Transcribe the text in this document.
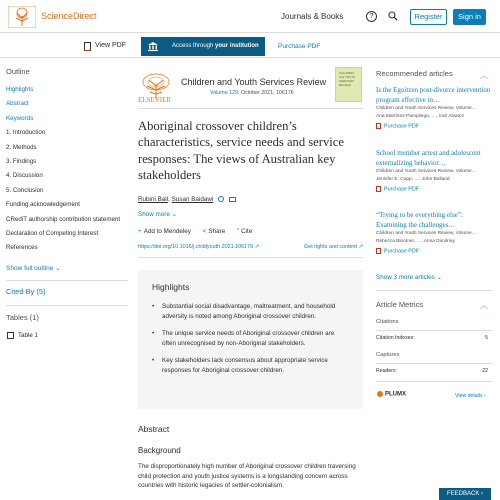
ScienceDirect	Journals & Books	?	Register	Sign in
View PDF	Access through your institution	Purchase PDF
Outline
Highlights
Abstract
Keywords
1. Introduction
2. Methods
3. Findings
4. Discussion
5. Conclusion
Funding acknowledgement
CRediT authorship contribution statement
Declaration of Competing Interest
References
Show full outline ⌄
Cited By (5)
Tables (1)
Table 1
ELSEVIER
Children and Youth Services Review
Volume 129, October 2021, 106176
CHILDREN and YOUTH SERVICES REVIEW
Aboriginal crossover children’s characteristics, service needs and service responses: The views of Australian key stakeholders
Rubini Ball, Susan Baidawi
Show more ⌄
+ Add to Mendeley < Share ” Cite
https://doi.org/10.1016/j.childyouth.2021.106176 ↗	Get rights and content ↗
Highlights
• Substantial social disadvantage, maltreatment, and household adversity is noted among Aboriginal crossover children.
• The unique service needs of Aboriginal crossover children are often unrecognised by non-Aboriginal stakeholders.
• Key stakeholders lack consensus about appropriate service responses for Aboriginal crossover children.
Abstract
Background

The disproportionately high number of Aboriginal crossover children traversing child protection and youth justice systems is a longstanding concern across countries with historic legacies of settler-colonialism.

Recommended articles	︿
Is the Egoitzen post-divorce intervention program effective in…
Children and Youth Services Review, Volume…
Ana Martínez-Pampliega, …, Iratí Alvarez
Purchase PDF
School member arrest and adolescent externalizing behavior…
Children and Youth Services Review, Volume…
Jennifer E. Copp, …, John Bolland
Purchase PDF
“Trying to be everything else”: Examining the challenges…
Children and Youth Services Review, Volume…
Rebecca Bloomer, …, Anna Dimitriay
Purchase PDF
Show 3 more articles ⌄
Article Metrics	︿
Citations
Citation Indexes:	5
Captures
Readers:	22
PLUMX	View details ›
FEEDBACK ›
